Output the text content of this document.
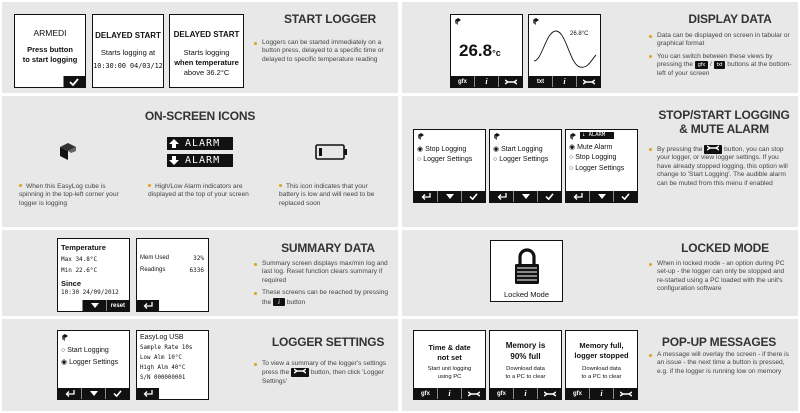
START LOGGER
ARMEDI
Press button
to start logging
DELAYED START
Starts logging at
10:30:00 04/03/12
DELAYED START
Starts logging
when temperature
above 36.2°C
Loggers can be started immediately on a button press, delayed to a specific time or delayed to specific temperature reading
DISPLAY DATA
26.8°c
gfx i
26.8°C
txt i
Data can be displayed on screen in tabular or graphical format
You can switch between these views by pressing the gfx / txt buttons at the bottom-left of your screen
ON-SCREEN ICONS
ALARM
ALARM
When this EasyLog cube is spinning in the top-left corner your logger is logging
High/Low Alarm indicators are displayed at the top of your screen
This icon indicates that your battery is low and will need to be replaced soon
STOP/START LOGGING
& MUTE ALARM
◉ Stop Logging
○ Logger Settings
◉ Start Logging
○ Logger Settings
↓ ALARM
◉ Mute Alarm
○ Stop Logging
○ Logger Settings
By pressing the	button, you can stop your logger, or view logger settings. If you have already stopped logging, this option will change to 'Start Logging'. The audible alarm can be muted from this menu if enabled
SUMMARY DATA
Temperature
Max 34.8°C
Min 22.6°C
Since
10:30 24/09/2012
reset
Mem Used	32%
Readings	6336
Summary screen displays max/min log and last log. Reset function clears summary if required
These screens can be reached by pressing the i button
LOCKED MODE
Locked Mode
When in locked mode - an option during PC set-up - the logger can only be stopped and re-started using a PC loaded with the unit's configuration software
LOGGER SETTINGS
○ Start Logging
◉ Logger Settings
EasyLog USB
Sample Rate 10s
Low Alm 10°C
High Alm 40°C
S/N 000000001
To view a summary of the logger's settings press the	button, then click 'Logger Settings'
POP-UP MESSAGES
Time & date
not set
Start unit logging
using PC
gfx i
Memory is
90% full
Download data
to a PC to clear
gfx i
Memory full,
logger stopped
Download data
to a PC to clear
gfx i
A message will overlay the screen - if there is an issue - the next time a button is pressed, e.g. if the logger is running low on memory
